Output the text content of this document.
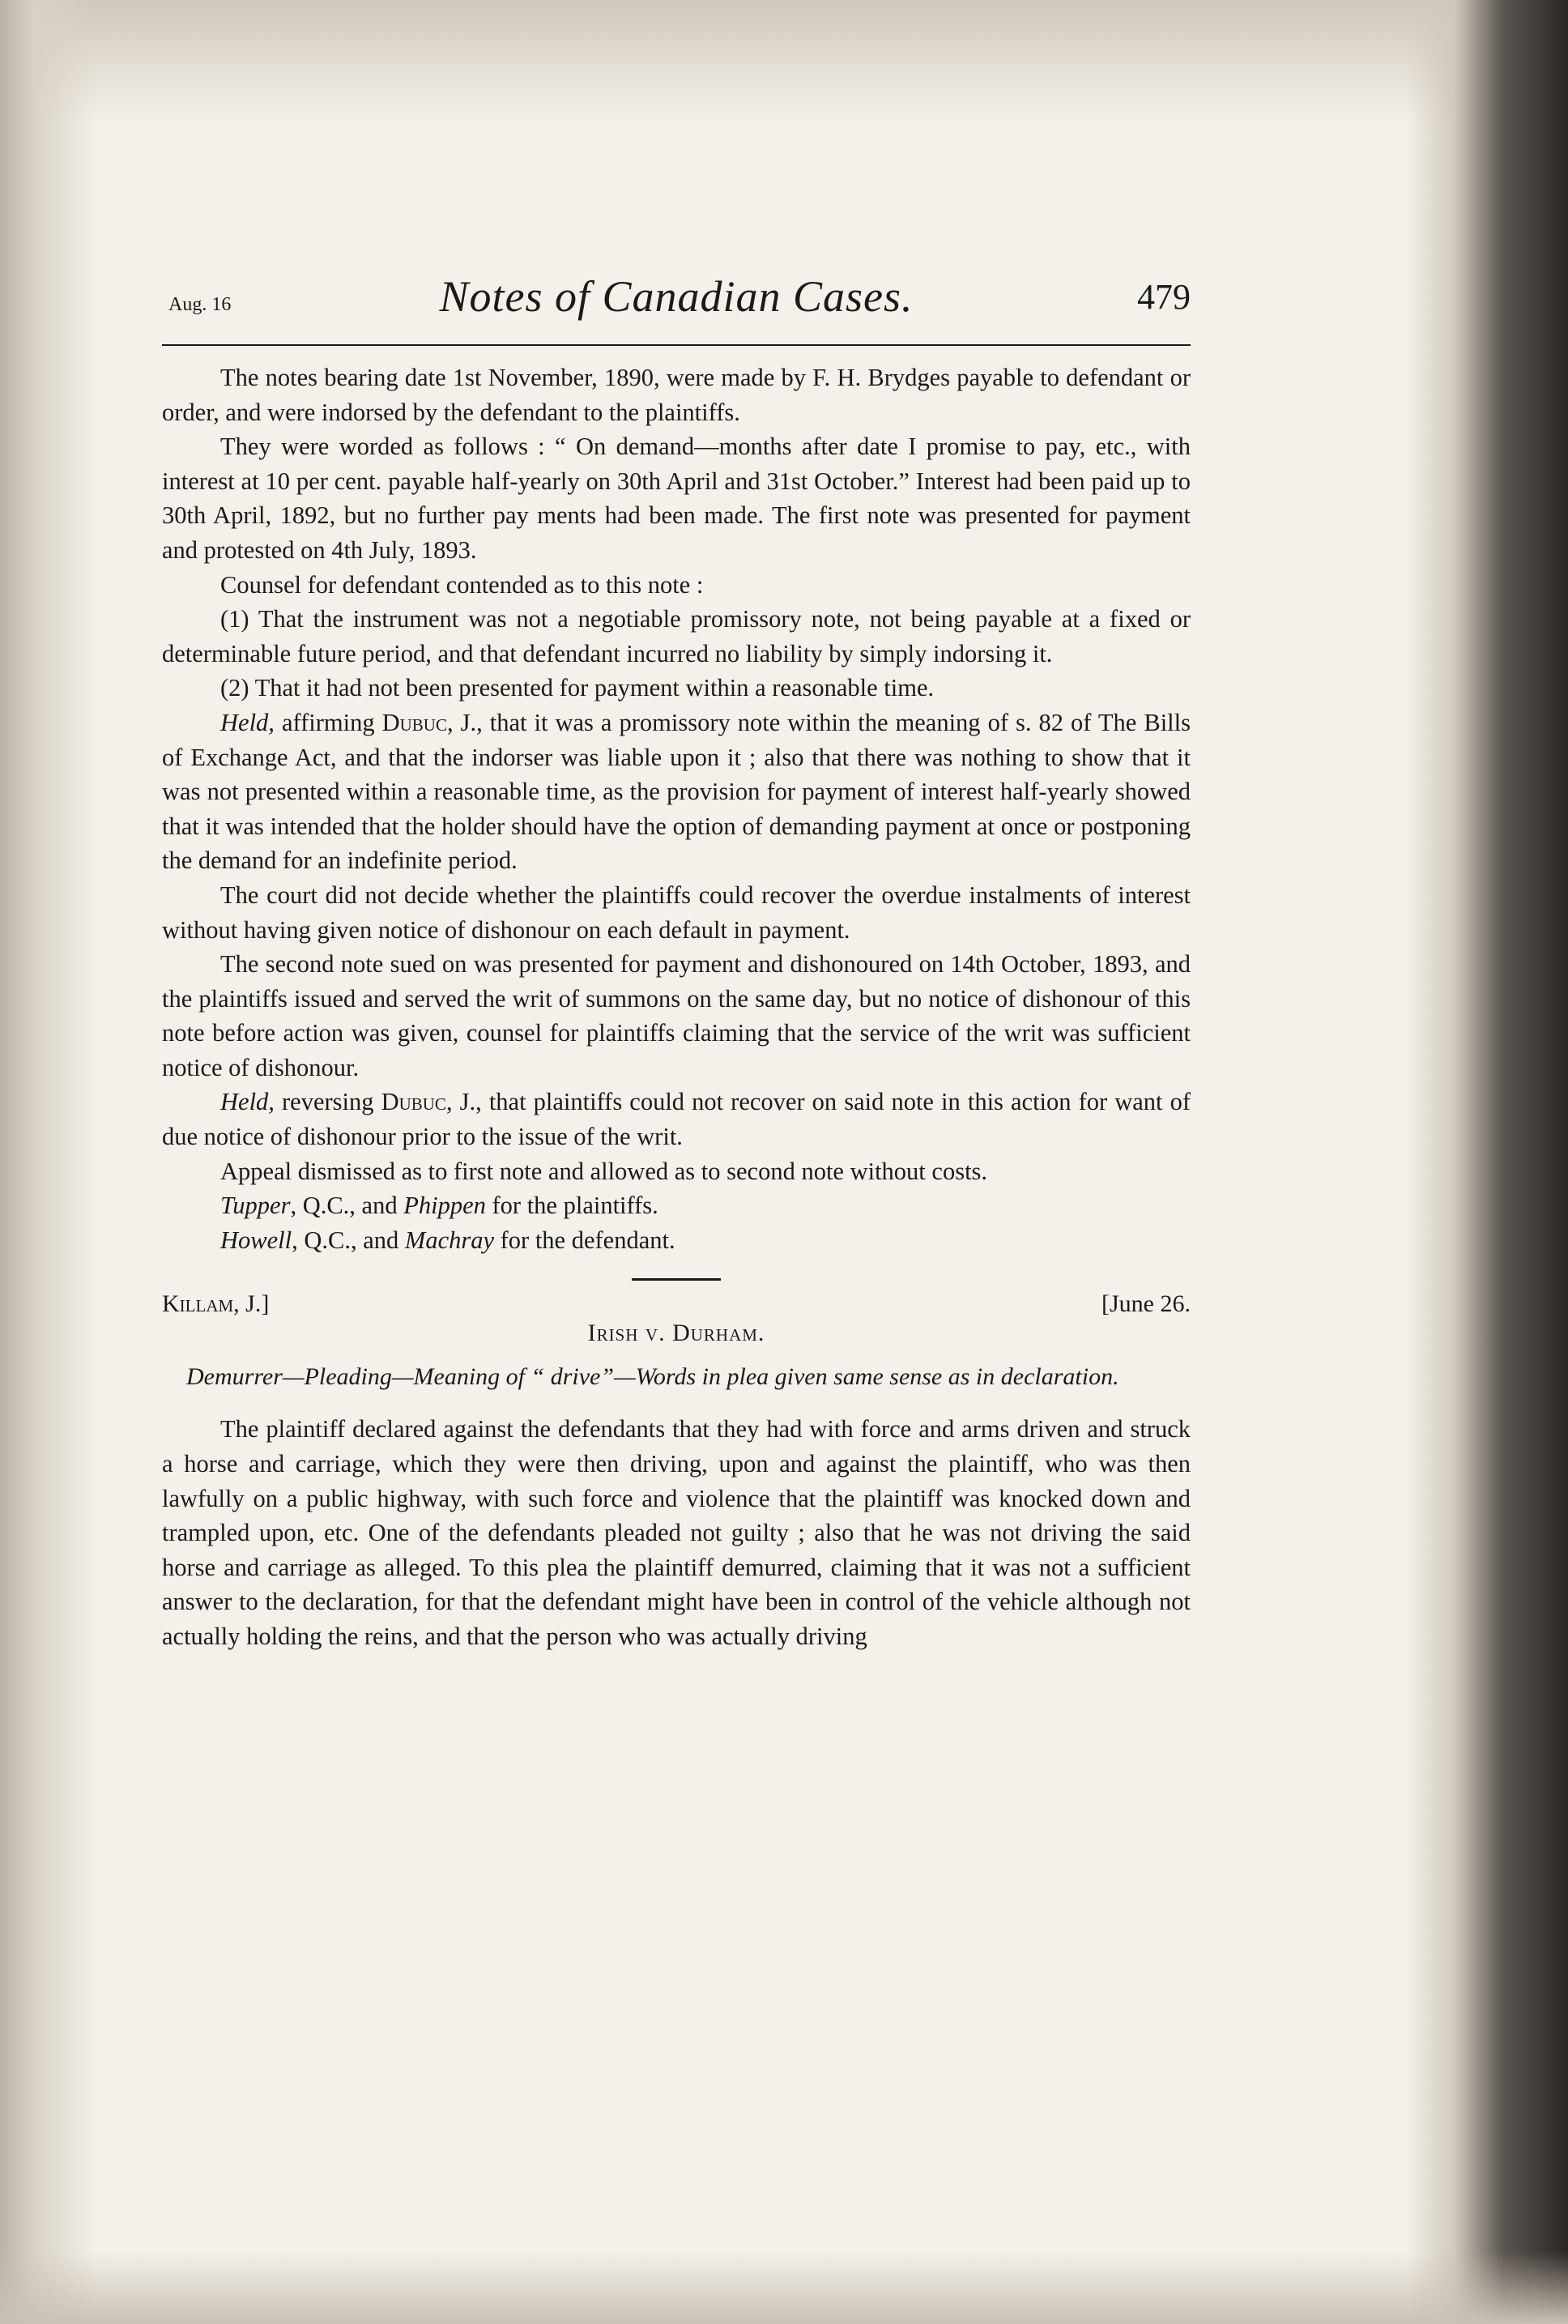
Aug. 16	Notes of Canadian Cases.	479

The notes bearing date 1st November, 1890, were made by F. H. Brydges payable to defendant or order, and were indorsed by the defendant to the plaintiffs.

They were worded as follows : “ On demand—months after date I promise to pay, etc., with interest at 10 per cent. payable half-yearly on 30th April and 31st October.” Interest had been paid up to 30th April, 1892, but no further pay ments had been made. The first note was presented for payment and protested on 4th July, 1893.

Counsel for defendant contended as to this note :

(1) That the instrument was not a negotiable promissory note, not being payable at a fixed or determinable future period, and that defendant incurred no liability by simply indorsing it.

(2) That it had not been presented for payment within a reasonable time.

Held, affirming Dubuc, J., that it was a promissory note within the meaning of s. 82 of The Bills of Exchange Act, and that the indorser was liable upon it ; also that there was nothing to show that it was not presented within a reasonable time, as the provision for payment of interest half-yearly showed that it was intended that the holder should have the option of demanding payment at once or postponing the demand for an indefinite period.

The court did not decide whether the plaintiffs could recover the overdue instalments of interest without having given notice of dishonour on each default in payment.

The second note sued on was presented for payment and dishonoured on 14th October, 1893, and the plaintiffs issued and served the writ of summons on the same day, but no notice of dishonour of this note before action was given, counsel for plaintiffs claiming that the service of the writ was sufficient notice of dishonour.

Held, reversing Dubuc, J., that plaintiffs could not recover on said note in this action for want of due notice of dishonour prior to the issue of the writ.

Appeal dismissed as to first note and allowed as to second note without costs.

Tupper, Q.C., and Phippen for the plaintiffs.

Howell, Q.C., and Machray for the defendant.

Killam, J.]	[June 26.
Irish v. Durham.
Demurrer—Pleading—Meaning of “ drive”—Words in plea given same sense as in declaration.

The plaintiff declared against the defendants that they had with force and arms driven and struck a horse and carriage, which they were then driving, upon and against the plaintiff, who was then lawfully on a public highway, with such force and violence that the plaintiff was knocked down and trampled upon, etc. One of the defendants pleaded not guilty ; also that he was not driving the said horse and carriage as alleged. To this plea the plaintiff demurred, claiming that it was not a sufficient answer to the declaration, for that the defendant might have been in control of the vehicle although not actually holding the reins, and that the person who was actually driving
